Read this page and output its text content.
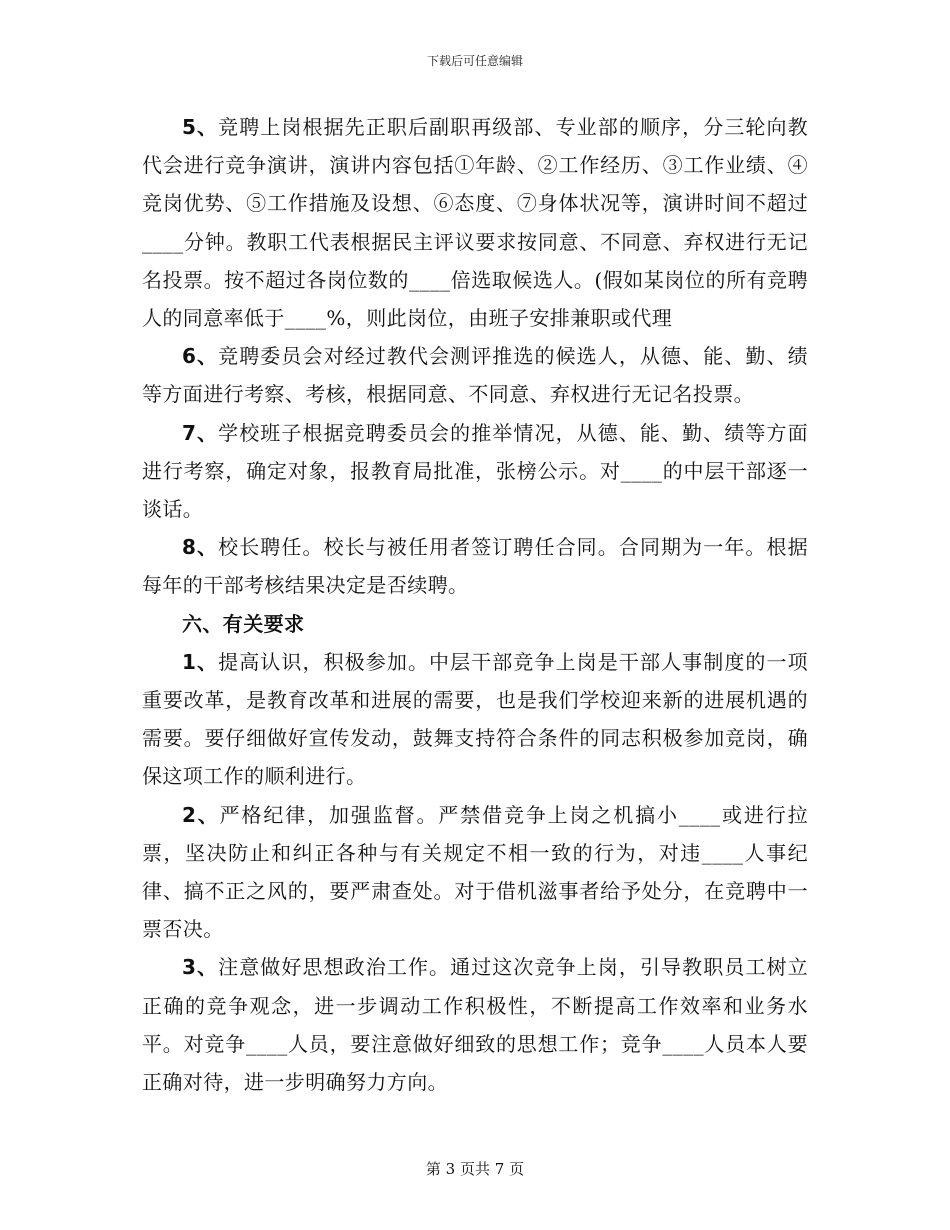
下载后可任意编辑

5、竞聘上岗根据先正职后副职再级部、专业部的顺序，分三轮向教代会进行竞争演讲，演讲内容包括①年龄、②工作经历、③工作业绩、④竞岗优势、⑤工作措施及设想、⑥态度、⑦身体状况等，演讲时间不超过____分钟。教职工代表根据民主评议要求按同意、不同意、弃权进行无记名投票。按不超过各岗位数的____倍选取候选人。(假如某岗位的所有竞聘人的同意率低于____%，则此岗位，由班子安排兼职或代理

6、竞聘委员会对经过教代会测评推选的候选人，从德、能、勤、绩等方面进行考察、考核，根据同意、不同意、弃权进行无记名投票。

7、学校班子根据竞聘委员会的推举情况，从德、能、勤、绩等方面进行考察，确定对象，报教育局批准，张榜公示。对____的中层干部逐一谈话。

8、校长聘任。校长与被任用者签订聘任合同。合同期为一年。根据每年的干部考核结果决定是否续聘。

六、有关要求

1、提高认识，积极参加。中层干部竞争上岗是干部人事制度的一项重要改革，是教育改革和进展的需要，也是我们学校迎来新的进展机遇的需要。要仔细做好宣传发动，鼓舞支持符合条件的同志积极参加竞岗，确保这项工作的顺利进行。

2、严格纪律，加强监督。严禁借竞争上岗之机搞小____或进行拉票，坚决防止和纠正各种与有关规定不相一致的行为，对违____人事纪律、搞不正之风的，要严肃查处。对于借机滋事者给予处分，在竞聘中一票否决。

3、注意做好思想政治工作。通过这次竞争上岗，引导教职员工树立正确的竞争观念，进一步调动工作积极性，不断提高工作效率和业务水平。对竞争____人员，要注意做好细致的思想工作；竞争____人员本人要正确对待，进一步明确努力方向。

第 3 页共 7 页
